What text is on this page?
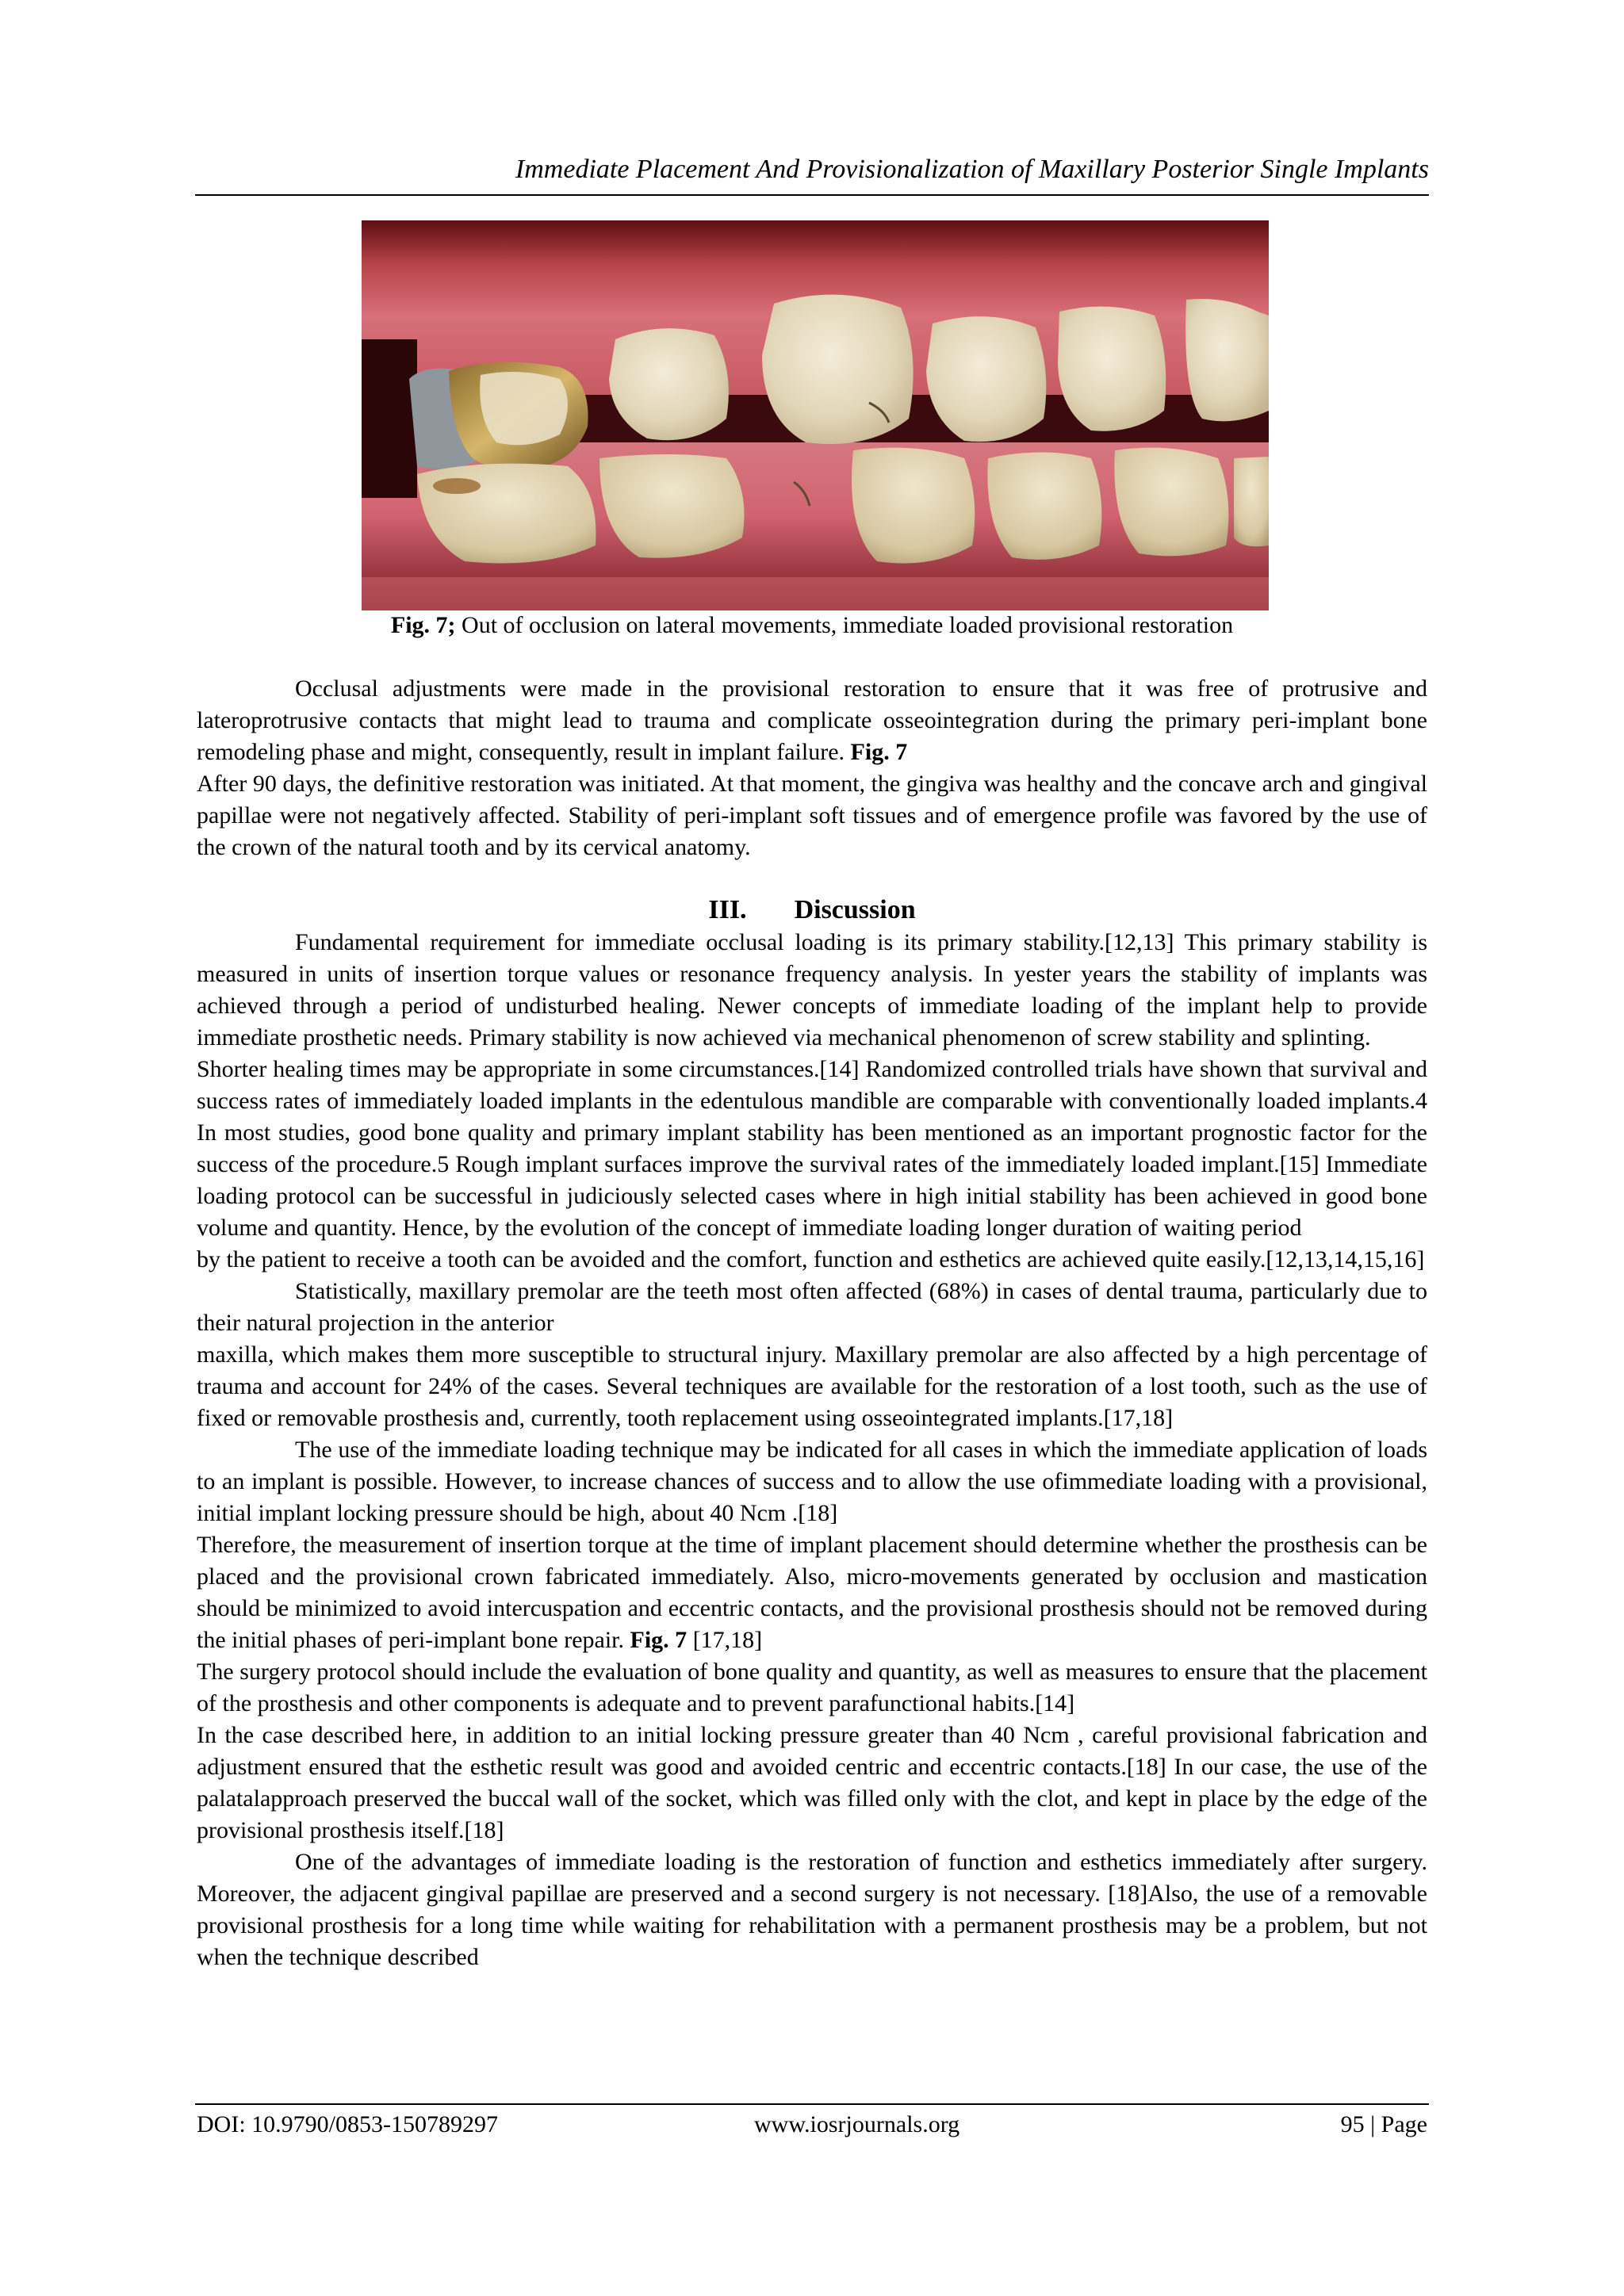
Immediate Placement And Provisionalization of Maxillary Posterior Single Implants
Fig. 7; Out of occlusion on lateral movements, immediate loaded provisional restoration

Occlusal adjustments were made in the provisional restoration to ensure that it was free of protrusive and lateroprotrusive contacts that might lead to trauma and complicate osseointegration during the primary peri-implant bone remodeling phase and might, consequently, result in implant failure. Fig. 7

After 90 days, the definitive restoration was initiated. At that moment, the gingiva was healthy and the concave arch and gingival papillae were not negatively affected. Stability of peri-implant soft tissues and of emergence profile was favored by the use of the crown of the natural tooth and by its cervical anatomy.

III. Discussion

Fundamental requirement for immediate occlusal loading is its primary stability.[12,13] This primary stability is measured in units of insertion torque values or resonance frequency analysis. In yester years the stability of implants was achieved through a period of undisturbed healing. Newer concepts of immediate loading of the implant help to provide immediate prosthetic needs. Primary stability is now achieved via mechanical phenomenon of screw stability and splinting.

Shorter healing times may be appropriate in some circumstances.[14] Randomized controlled trials have shown that survival and success rates of immediately loaded implants in the edentulous mandible are comparable with conventionally loaded implants.4 In most studies, good bone quality and primary implant stability has been mentioned as an important prognostic factor for the success of the procedure.5 Rough implant surfaces improve the survival rates of the immediately loaded implant.[15] Immediate loading protocol can be successful in judiciously selected cases where in high initial stability has been achieved in good bone volume and quantity. Hence, by the evolution of the concept of immediate loading longer duration of waiting period

by the patient to receive a tooth can be avoided and the comfort, function and esthetics are achieved quite easily.[12,13,14,15,16]

Statistically, maxillary premolar are the teeth most often affected (68%) in cases of dental trauma, particularly due to their natural projection in the anterior

maxilla, which makes them more susceptible to structural injury. Maxillary premolar are also affected by a high percentage of trauma and account for 24% of the cases. Several techniques are available for the restoration of a lost tooth, such as the use of fixed or removable prosthesis and, currently, tooth replacement using osseointegrated implants.[17,18]

The use of the immediate loading technique may be indicated for all cases in which the immediate application of loads to an implant is possible. However, to increase chances of success and to allow the use ofimmediate loading with a provisional, initial implant locking pressure should be high, about 40 Ncm .[18]

Therefore, the measurement of insertion torque at the time of implant placement should determine whether the prosthesis can be placed and the provisional crown fabricated immediately. Also, micro-movements generated by occlusion and mastication should be minimized to avoid intercuspation and eccentric contacts, and the provisional prosthesis should not be removed during the initial phases of peri-implant bone repair. Fig. 7 [17,18]

The surgery protocol should include the evaluation of bone quality and quantity, as well as measures to ensure that the placement of the prosthesis and other components is adequate and to prevent parafunctional habits.[14]

In the case described here, in addition to an initial locking pressure greater than 40 Ncm , careful provisional fabrication and adjustment ensured that the esthetic result was good and avoided centric and eccentric contacts.[18] In our case, the use of the palatalapproach preserved the buccal wall of the socket, which was filled only with the clot, and kept in place by the edge of the provisional prosthesis itself.[18]

One of the advantages of immediate loading is the restoration of function and esthetics immediately after surgery. Moreover, the adjacent gingival papillae are preserved and a second surgery is not necessary. [18]Also, the use of a removable provisional prosthesis for a long time while waiting for rehabilitation with a permanent prosthesis may be a problem, but not when the technique described

DOI: 10.9790/0853-150789297	www.iosrjournals.org	95 | Page
